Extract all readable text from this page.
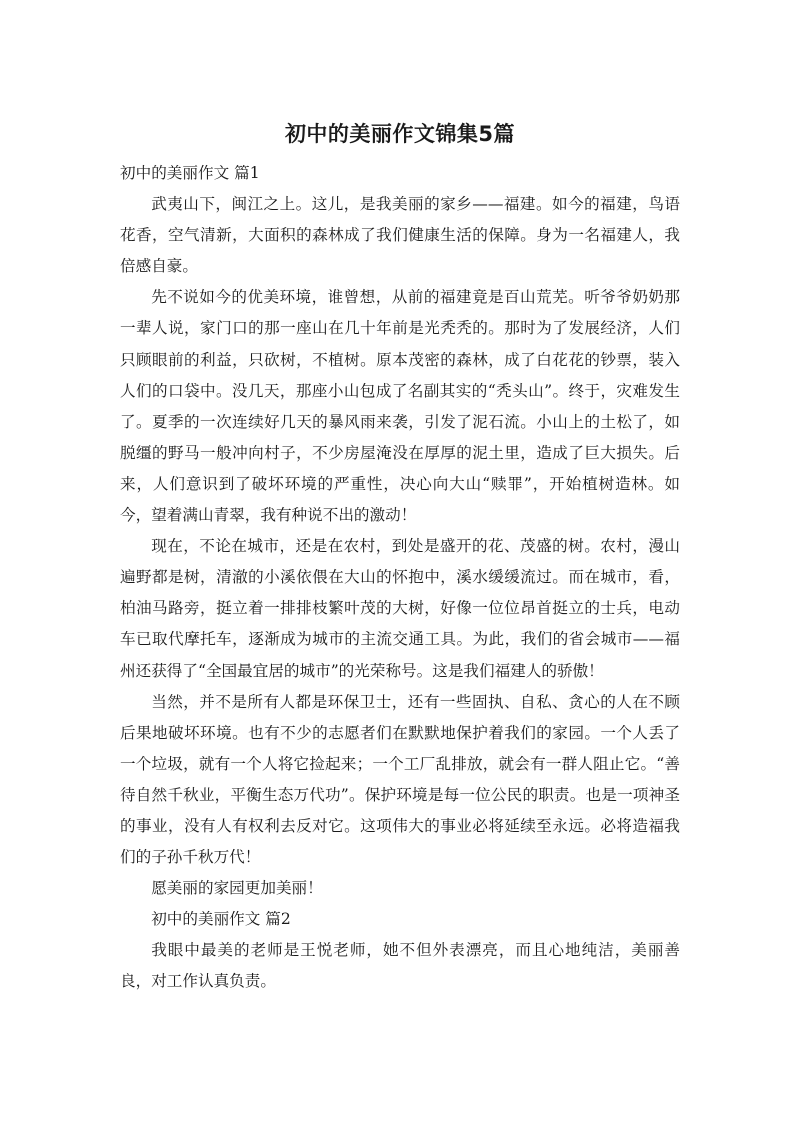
初中的美丽作文锦集5篇

初中的美丽作文 篇1

武夷山下，闽江之上。这儿，是我美丽的家乡——福建。如今的福建，鸟语花香，空气清新，大面积的森林成了我们健康生活的保障。身为一名福建人，我倍感自豪。

先不说如今的优美环境，谁曾想，从前的福建竟是百山荒芜。听爷爷奶奶那一辈人说，家门口的那一座山在几十年前是光秃秃的。那时为了发展经济，人们只顾眼前的利益，只砍树，不植树。原本茂密的森林，成了白花花的钞票，装入人们的口袋中。没几天，那座小山包成了名副其实的“秃头山”。终于，灾难发生了。夏季的一次连续好几天的暴风雨来袭，引发了泥石流。小山上的土松了，如脱缰的野马一般冲向村子，不少房屋淹没在厚厚的泥土里，造成了巨大损失。后来，人们意识到了破坏环境的严重性，决心向大山“赎罪”，开始植树造林。如今，望着满山青翠，我有种说不出的激动！

现在，不论在城市，还是在农村，到处是盛开的花、茂盛的树。农村，漫山遍野都是树，清澈的小溪依偎在大山的怀抱中，溪水缓缓流过。而在城市，看，柏油马路旁，挺立着一排排枝繁叶茂的大树，好像一位位昂首挺立的士兵，电动车已取代摩托车，逐渐成为城市的主流交通工具。为此，我们的省会城市——福州还获得了“全国最宜居的城市”的光荣称号。这是我们福建人的骄傲！

当然，并不是所有人都是环保卫士，还有一些固执、自私、贪心的人在不顾后果地破坏环境。也有不少的志愿者们在默默地保护着我们的家园。一个人丢了一个垃圾，就有一个人将它捡起来；一个工厂乱排放，就会有一群人阻止它。“善待自然千秋业，平衡生态万代功”。保护环境是每一位公民的职责。也是一项神圣的事业，没有人有权利去反对它。这项伟大的事业必将延续至永远。必将造福我们的子孙千秋万代！

愿美丽的家园更加美丽！

初中的美丽作文 篇2

我眼中最美的老师是王悦老师，她不但外表漂亮，而且心地纯洁，美丽善良，对工作认真负责。
